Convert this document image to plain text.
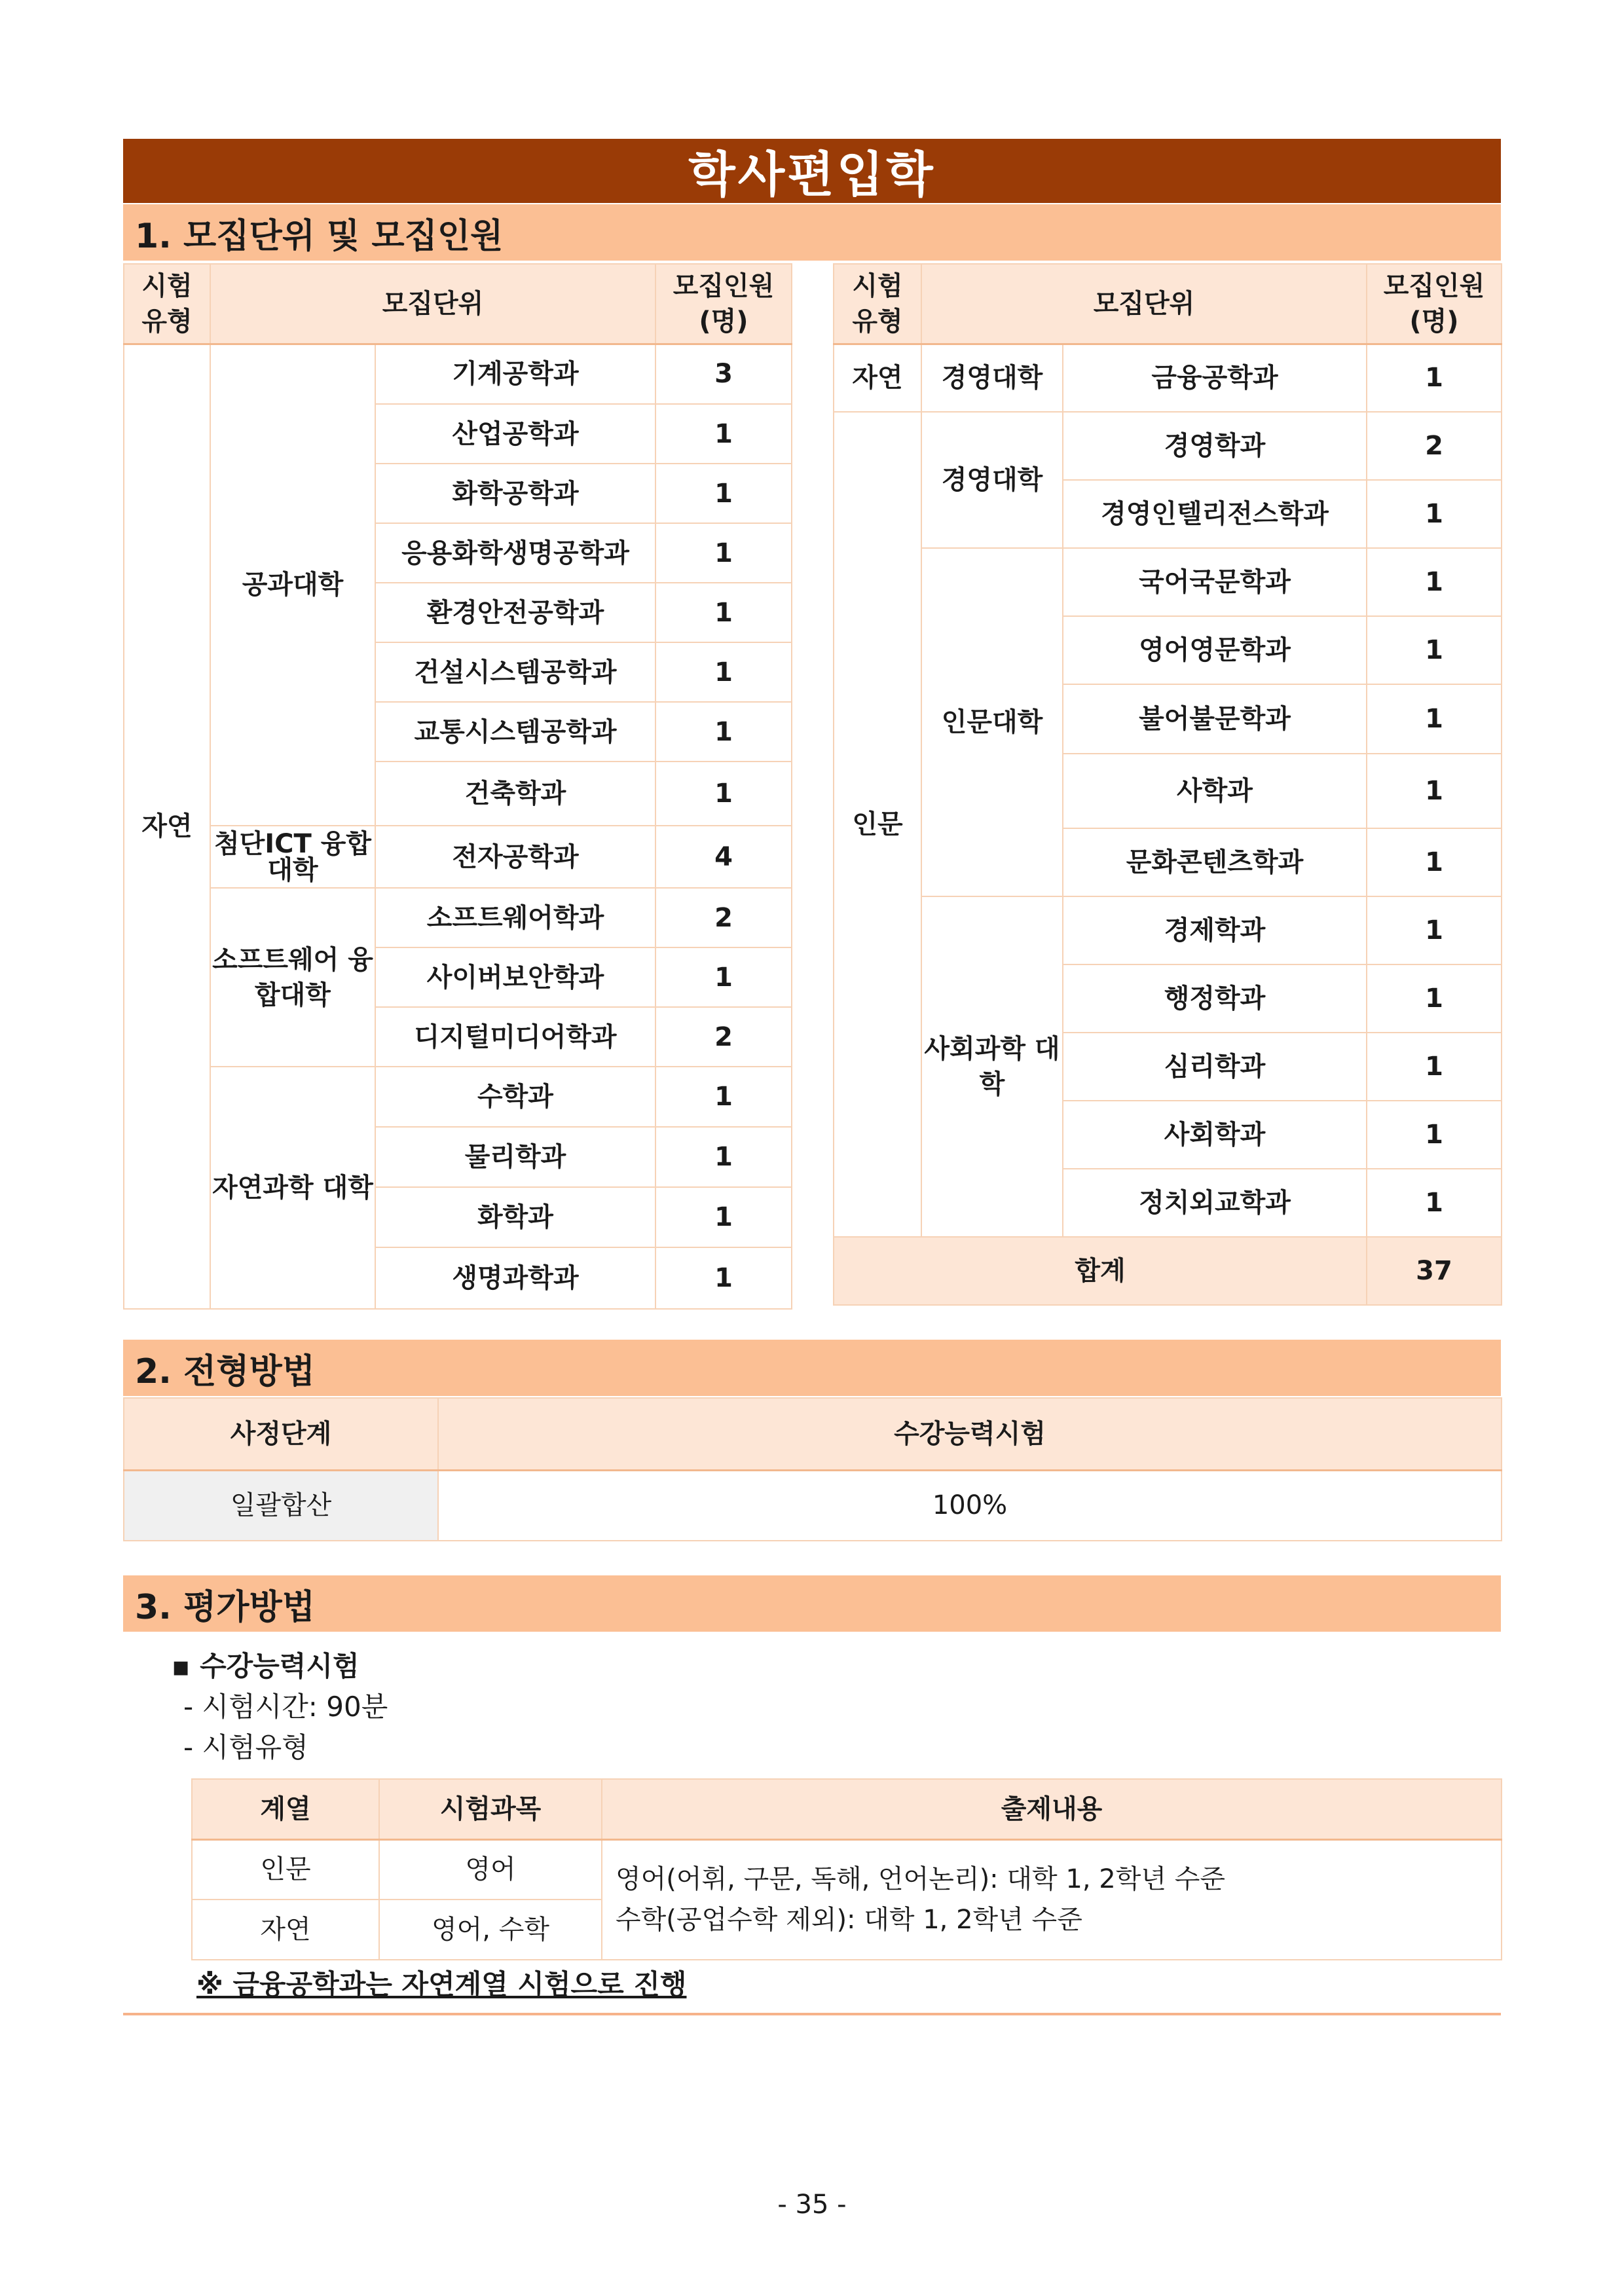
학사편입학
1. 모집단위 및 모집인원
시험
유형	모집단위		모집인원
(명)
자연	공과대학	기계공학과	3
		산업공학과	1
		화학공학과	1
		응용화학생명공학과	1
		환경안전공학과	1
		건설시스템공학과	1
		교통시스템공학과	1
		건축학과	1
	첨단ICT 융합대학	전자공학과	4
	소프트웨어 융합대학	소프트웨어학과	2
		사이버보안학과	1
		디지털미디어학과	2
	자연과학 대학	수학과	1
		물리학과	1
		화학과	1
		생명과학과	1
시험
유형	모집단위		모집인원
(명)
자연	경영대학	금융공학과	1
인문	경영대학	경영학과	2
		경영인텔리전스학과	1
	인문대학	국어국문학과	1
		영어영문학과	1
		불어불문학과	1
		사학과	1
		문화콘텐츠학과	1
	사회과학 대학	경제학과	1
		행정학과	1
		심리학과	1
		사회학과	1
		정치외교학과	1
합계			37
2. 전형방법
사정단계	수강능력시험
일괄합산	100%
3. 평가방법
▪ 수강능력시험
- 시험시간: 90분
- 시험유형
계열	시험과목	출제내용
인문	영어	영어(어휘, 구문, 독해, 언어논리): 대학 1, 2학년 수준
수학(공업수학 제외): 대학 1, 2학년 수준

자연	영어, 수학	
※ 금융공학과는 자연계열 시험으로 진행
- 35 -
